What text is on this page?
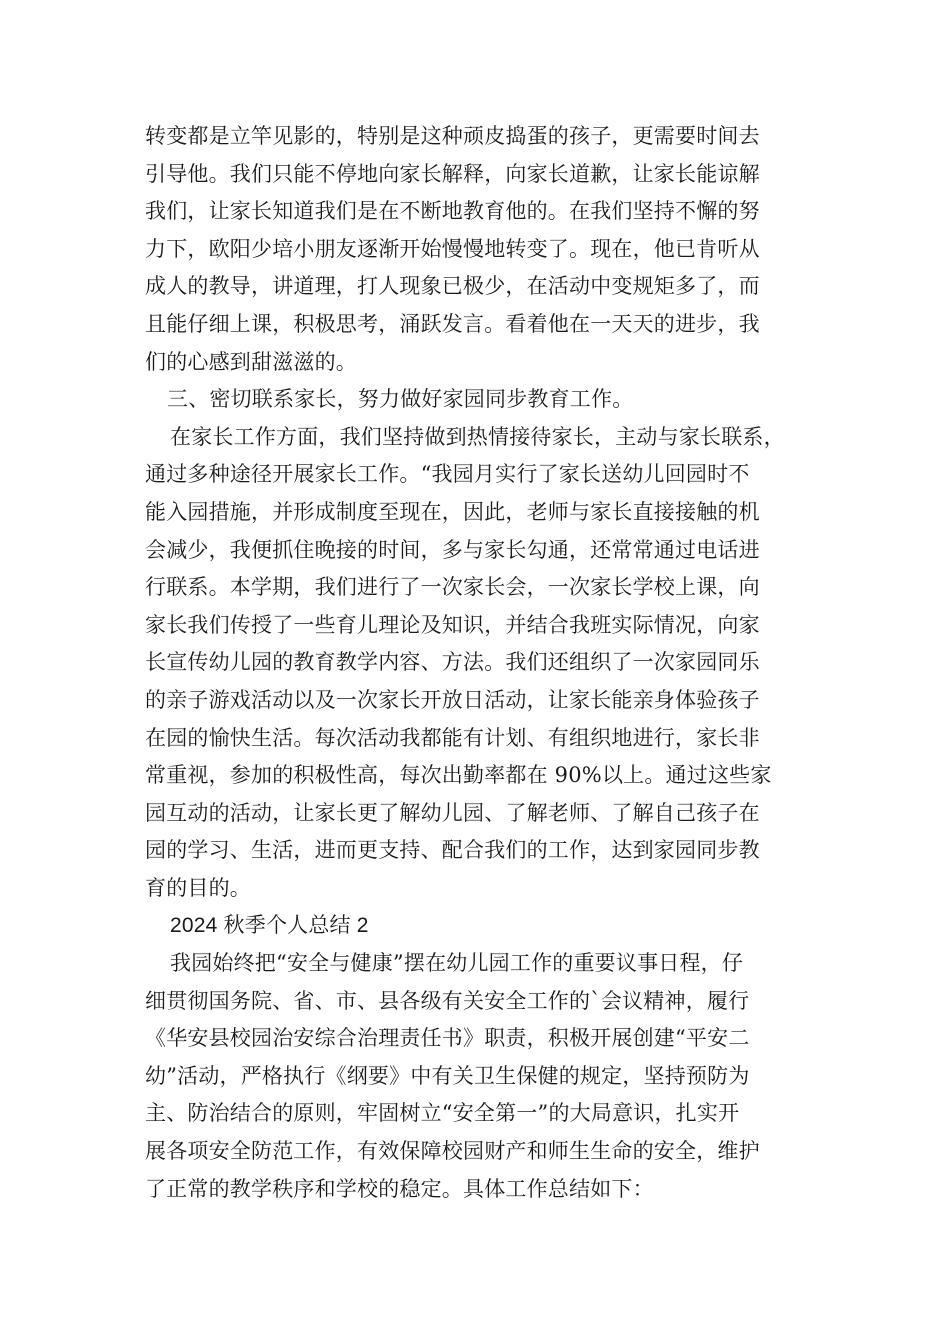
转变都是立竿见影的，特别是这种顽皮捣蛋的孩子，更需要时间去
引导他。我们只能不停地向家长解释，向家长道歉，让家长能谅解
我们，让家长知道我们是在不断地教育他的。在我们坚持不懈的努
力下，欧阳少培小朋友逐渐开始慢慢地转变了。现在，他已肯听从
成人的教导，讲道理，打人现象已极少，在活动中变规矩多了，而
且能仔细上课，积极思考，涌跃发言。看着他在一天天的进步，我
们的心感到甜滋滋的。
三、密切联系家长，努力做好家园同步教育工作。
在家长工作方面，我们坚持做到热情接待家长，主动与家长联系，
通过多种途径开展家长工作。“我园月实行了家长送幼儿回园时不
能入园措施，并形成制度至现在，因此，老师与家长直接接触的机
会减少，我便抓住晚接的时间，多与家长勾通，还常常通过电话进
行联系。本学期，我们进行了一次家长会，一次家长学校上课，向
家长我们传授了一些育儿理论及知识，并结合我班实际情况，向家
长宣传幼儿园的教育教学内容、方法。我们还组织了一次家园同乐
的亲子游戏活动以及一次家长开放日活动，让家长能亲身体验孩子
在园的愉快生活。每次活动我都能有计划、有组织地进行，家长非
常重视，参加的积极性高，每次出勤率都在 90%以上。通过这些家
园互动的活动，让家长更了解幼儿园、了解老师、了解自己孩子在
园的学习、生活，进而更支持、配合我们的工作，达到家园同步教
育的目的。
2024 秋季个人总结 2
我园始终把“安全与健康”摆在幼儿园工作的重要议事日程，仔
细贯彻国务院、省、市、县各级有关安全工作的`会议精神，履行
《华安县校园治安综合治理责任书》职责，积极开展创建“平安二
幼”活动，严格执行《纲要》中有关卫生保健的规定，坚持预防为
主、防治结合的原则，牢固树立“安全第一”的大局意识，扎实开
展各项安全防范工作，有效保障校园财产和师生生命的安全，维护
了正常的教学秩序和学校的稳定。具体工作总结如下：
